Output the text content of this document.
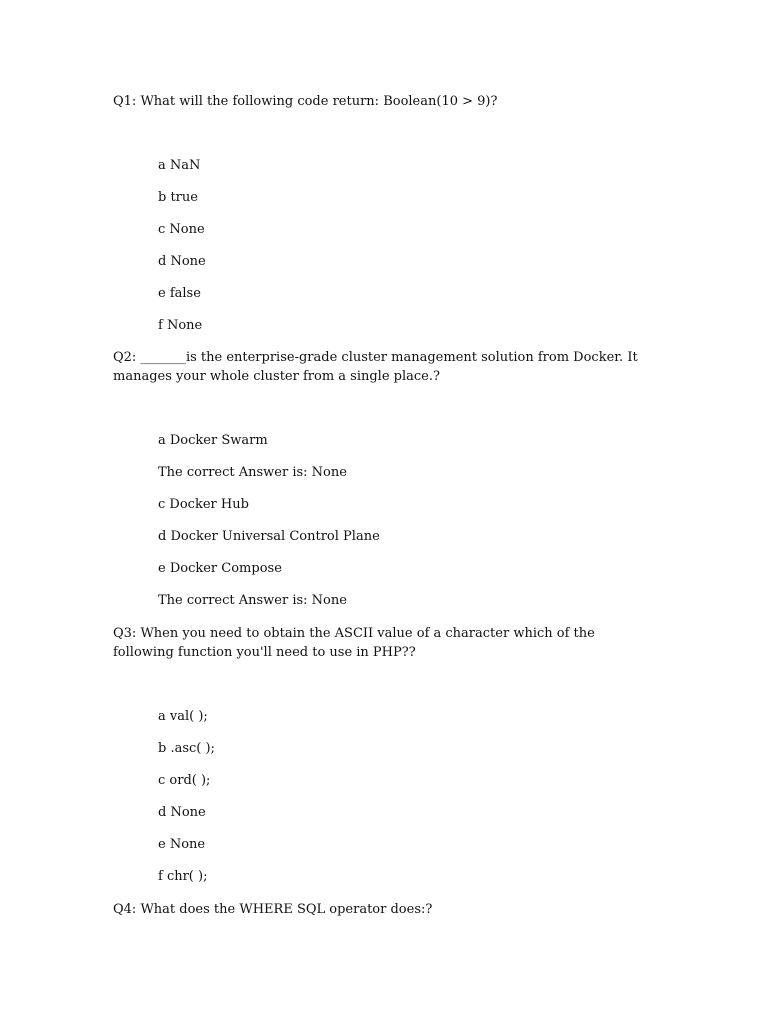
Q1: What will the following code return: Boolean(10 > 9)?
a NaN
b true
c None
d None
e false
f None
Q2: _______is the enterprise-grade cluster management solution from Docker. It manages your whole cluster from a single place.?
a Docker Swarm
The correct Answer is: None
c Docker Hub
d Docker Universal Control Plane
e Docker Compose
The correct Answer is: None
Q3: When you need to obtain the ASCII value of a character which of the following function you'll need to use in PHP??
a val( );
b .asc( );
c ord( );
d None
e None
f chr( );
Q4: What does the WHERE SQL operator does:?
